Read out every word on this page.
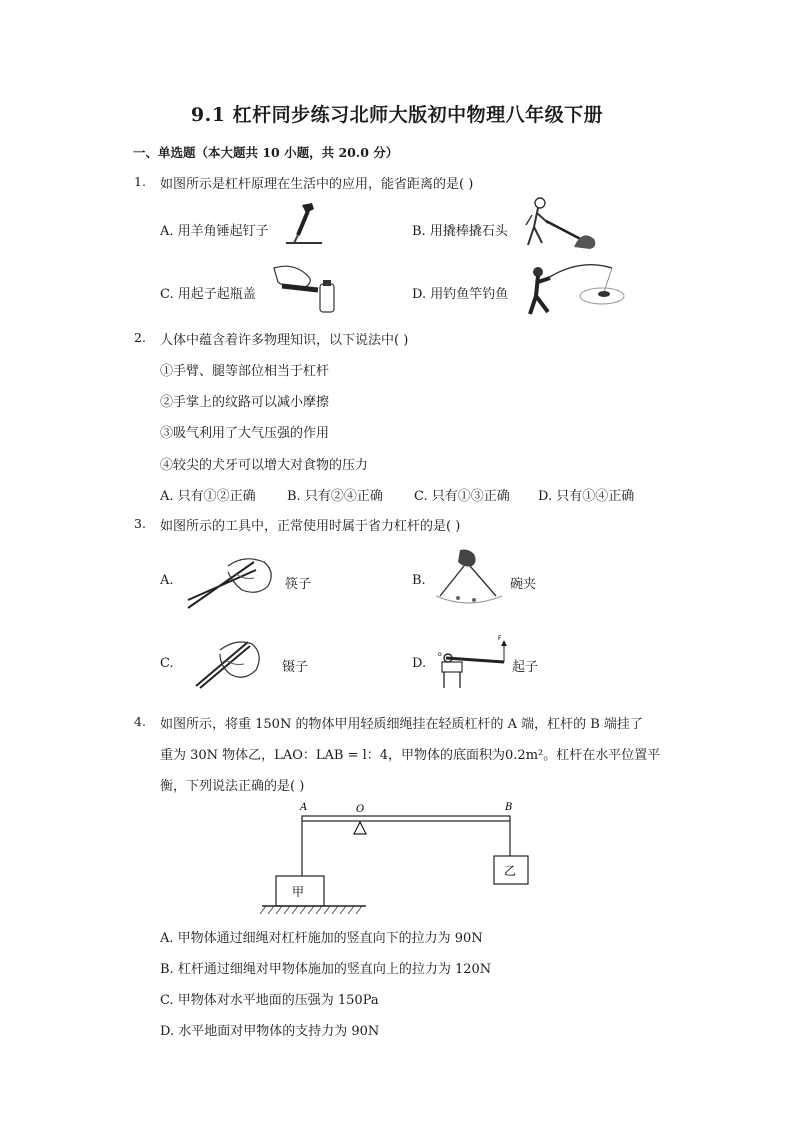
9.1 杠杆同步练习北师大版初中物理八年级下册
一、单选题（本大题共 10 小题，共 20.0 分）
1. 如图所示是杠杆原理在生活中的应用，能省距离的是( )
A. 用羊角锤起钉子	B. 用撬棒撬石头
C. 用起子起瓶盖	D. 用钓鱼竿钓鱼
2. 人体中蕴含着许多物理知识，以下说法中( )
①手臂、腿等部位相当于杠杆
②手掌上的纹路可以减小摩擦
③吸气利用了大气压强的作用
④较尖的犬牙可以增大对食物的压力
A. 只有①②正确 B. 只有②④正确 C. 只有①③正确 D. 只有①④正确
3. 如图所示的工具中，正常使用时属于省力杠杆的是( )
A.	筷子	B.	碗夹
C.	镊子	D.
F
o
起子
4. 如图所示，将重 150N 的物体甲用轻质细绳挂在轻质杠杆的 A 端，杠杆的 B 端挂了
重为 30N 物体乙，LAO：LAB = l：4，甲物体的底面积为0.2m²。杠杆在水平位置平
衡，下列说法正确的是( )
A	O	B
甲
乙
A. 甲物体通过细绳对杠杆施加的竖直向下的拉力为 90N
B. 杠杆通过细绳对甲物体施加的竖直向上的拉力为 120N
C. 甲物体对水平地面的压强为 150Pa
D. 水平地面对甲物体的支持力为 90N
